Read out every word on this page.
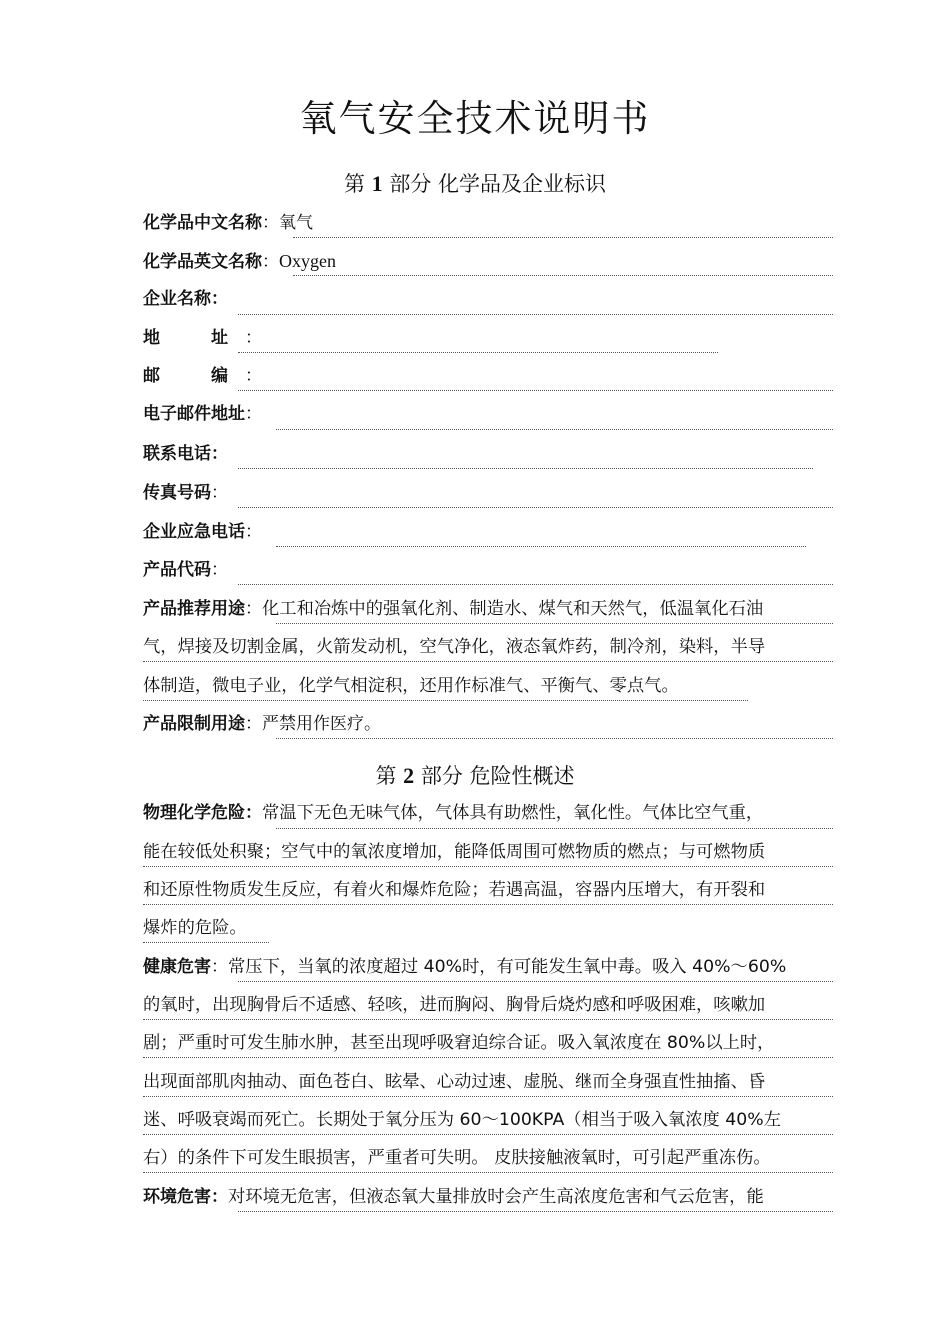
氧气安全技术说明书
第 1 部分 化学品及企业标识
化学品中文名称：氧气
化学品英文名称：Oxygen
企业名称：
地　址：
邮　编：
电子邮件地址：
联系电话：
传真号码：
企业应急电话：
产品代码：
产品推荐用途：化工和冶炼中的强氧化剂、制造水、煤气和天然气，低温氧化石油
气，焊接及切割金属，火箭发动机，空气净化，液态氧炸药，制冷剂，染料，半导
体制造，微电子业，化学气相淀积，还用作标准气、平衡气、零点气。
产品限制用途：严禁用作医疗。
第 2 部分 危险性概述
物理化学危险：常温下无色无味气体，气体具有助燃性，氧化性。气体比空气重，
能在较低处积聚；空气中的氧浓度增加，能降低周围可燃物质的燃点；与可燃物质
和还原性物质发生反应，有着火和爆炸危险；若遇高温，容器内压增大，有开裂和
爆炸的危险。
健康危害：常压下，当氧的浓度超过 40%时，有可能发生氧中毒。吸入 40%～60%
的氧时，出现胸骨后不适感、轻咳，进而胸闷、胸骨后烧灼感和呼吸困难，咳嗽加
剧；严重时可发生肺水肿，甚至出现呼吸窘迫综合证。吸入氧浓度在 80%以上时，
出现面部肌肉抽动、面色苍白、眩晕、心动过速、虚脱、继而全身强直性抽搐、昏
迷、呼吸衰竭而死亡。长期处于氧分压为 60～100KPA（相当于吸入氧浓度 40%左
右）的条件下可发生眼损害，严重者可失明。 皮肤接触液氧时，可引起严重冻伤。
环境危害：对环境无危害，但液态氧大量排放时会产生高浓度危害和气云危害，能
